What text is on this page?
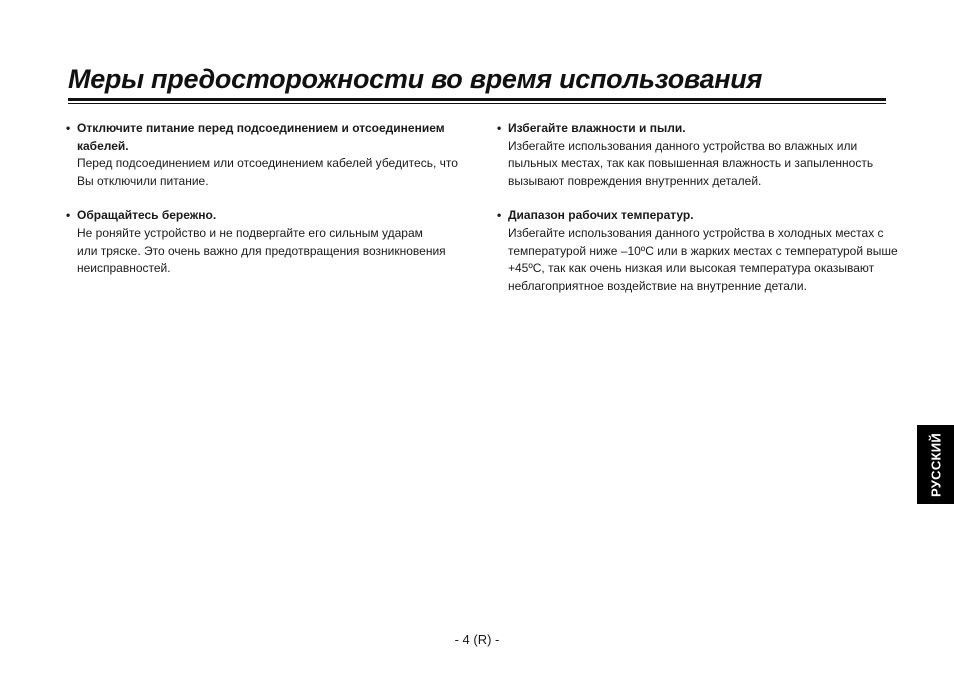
Меры предосторожности во время использования
• Отключите питание перед подсоединением и отсоединением кабелей.
Перед подсоединением или отсоединением кабелей убедитесь, что
Вы отключили питание.
• Обращайтесь бережно.
Не роняйте устройство и не подвергайте его сильным ударам
или тряске. Это очень важно для предотвращения возникновения
неисправностей.
• Избегайте влажности и пыли.
Избегайте использования данного устройства во влажных или
пыльных местах, так как повышенная влажность и запыленность
вызывают повреждения внутренних деталей.
• Диапазон рабочих температур.
Избегайте использования данного устройства в холодных местах с
температурой ниже –10ºC или в жарких местах с температурой выше
+45ºC, так как очень низкая или высокая температура оказывают
неблагоприятное воздействие на внутренние детали.
РУССКИЙ
- 4 (R) -
